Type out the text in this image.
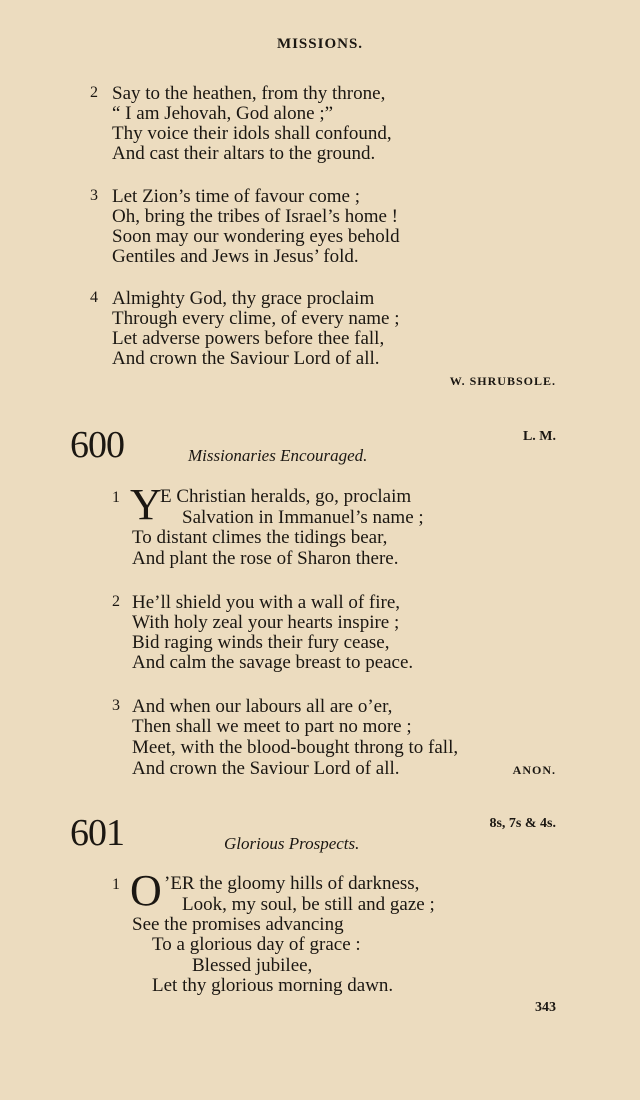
MISSIONS.
2 Say to the heathen, from thy throne,
“ I am Jehovah, God alone ;”
Thy voice their idols shall confound,
And cast their altars to the ground.
3 Let Zion’s time of favour come ;
Oh, bring the tribes of Israel’s home !
Soon may our wondering eyes behold
Gentiles and Jews in Jesus’ fold.
4 Almighty God, thy grace proclaim
Through every clime, of every name ;
Let adverse powers before thee fall,
And crown the Saviour Lord of all.
W. SHRUBSOLE.
600	L. M.
Missionaries Encouraged.
1 Y
E Christian heralds, go, proclaim
Salvation in Immanuel’s name ;
To distant climes the tidings bear,
And plant the rose of Sharon there.
2 He’ll shield you with a wall of fire,
With holy zeal your hearts inspire ;
Bid raging winds their fury cease,
And calm the savage breast to peace.
3 And when our labours all are o’er,
Then shall we meet to part no more ;
Meet, with the blood-bought throng to fall,
And crown the Saviour Lord of all.	ANON.
601	8s, 7s & 4s.
Glorious Prospects.
1 O ’ER the gloomy hills of darkness,
Look, my soul, be still and gaze ;
See the promises advancing
To a glorious day of grace :
Blessed jubilee,
Let thy glorious morning dawn.
343
